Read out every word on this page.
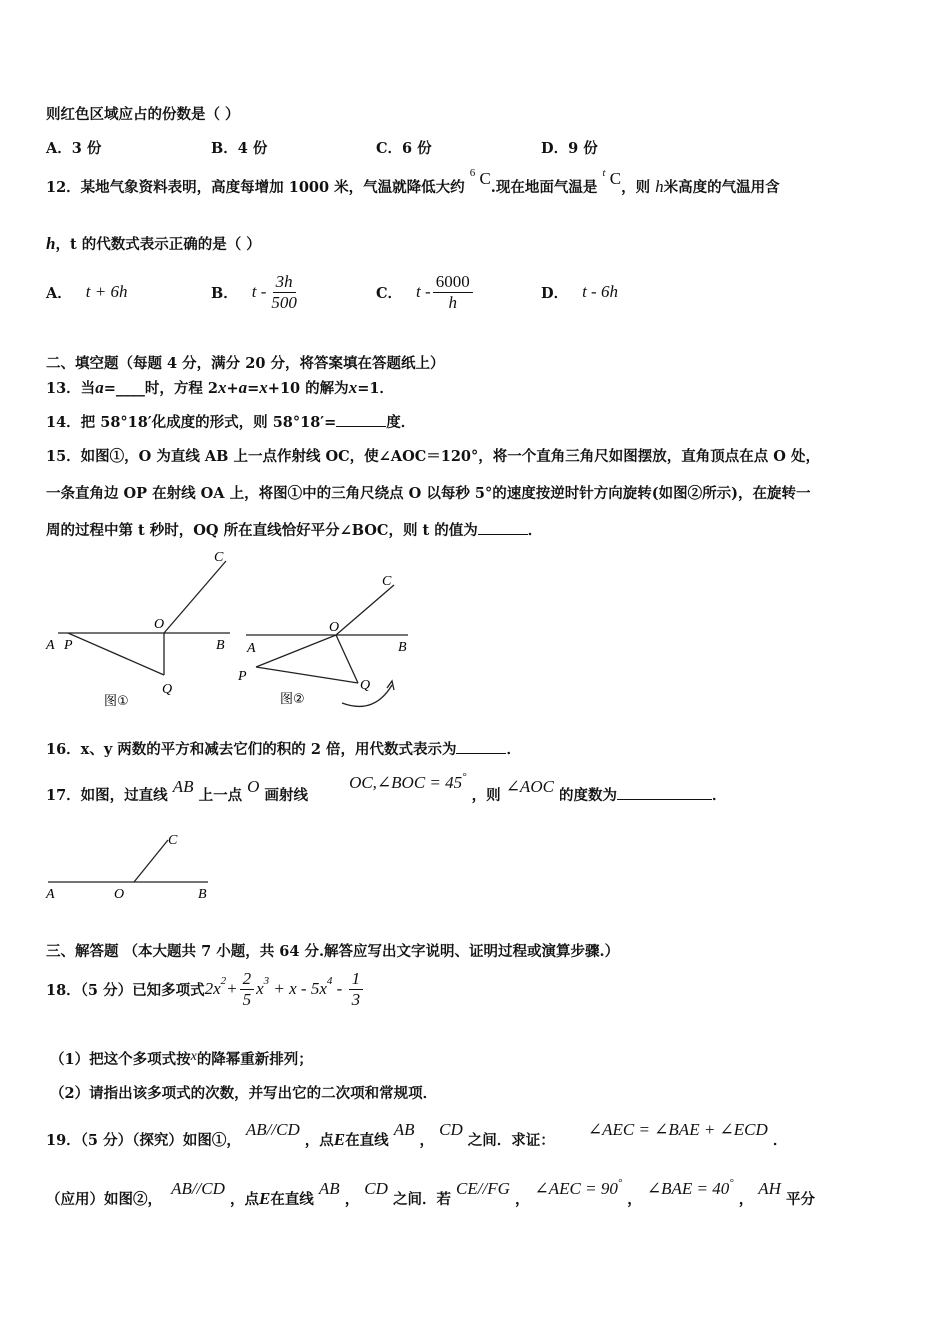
则红色区域应占的份数是（ ）
A．3 份	B．4 份	C．6 份	D．9 份
12．某地气象资料表明，高度每增加 1000 米，气温就降低大约 $^6$ C.现在地面气温是 $^t$ C，则 h米高度的气温用含
h，t 的代数式表示正确的是（ ）
A． t + 6h	B． t - $\frac{3h}{500}$	C． t - $\frac{6000}{h}$	D． t - 6h
二、填空题（每题 4 分，满分 20 分，将答案填在答题纸上）
13．当a=____时，方程 2x+a=x+10 的解为x=1．
14．把 58°18′化成度的形式，则 58°18′=	度．
15．如图①，O 为直线 AB 上一点作射线 OC，使∠AOC＝120°，将一个直角三角尺如图摆放，直角顶点在点 O 处，
一条直角边 OP 在射线 OA 上，将图①中的三角尺绕点 O 以每秒 5°的速度按逆时针方向旋转(如图②所示)，在旋转一
周的过程中第 t 秒时，OQ 所在直线恰好平分∠BOC，则 t 的值为	．
A P
O
B
C
Q
图①
A
O
B
C
P
Q
图②
16．x、y 两数的平方和减去它们的积的 2 倍，用代数式表示为	．
17．如图，过直线 AB 上一点 O 画射线 OC,∠BOC = 45° ，则 ∠AOC 的度数为	．
A	O	B
C
三、解答题 （本大题共 7 小题，共 64 分.解答应写出文字说明、证明过程或演算步骤.）
18．（5 分）已知多项式 2x $2 + \frac{2}{5}$ x 3 + x - 5x $4 - \frac{1}{3}$
（1）把这个多项式按x的降幂重新排列；
（2）请指出该多项式的次数，并写出它的二次项和常规项．
19．（5 分）（探究）如图①， AB//CD ，点E在直线 AB ， CD 之间．求证： ∠AEC = ∠BAE + ∠ECD ．
（应用）如图②， AB//CD ，点E在直线 AB ， CD 之间．若 CE//FG ， ∠AEC = 90° ， ∠BAE = 40° ， AH 平分
